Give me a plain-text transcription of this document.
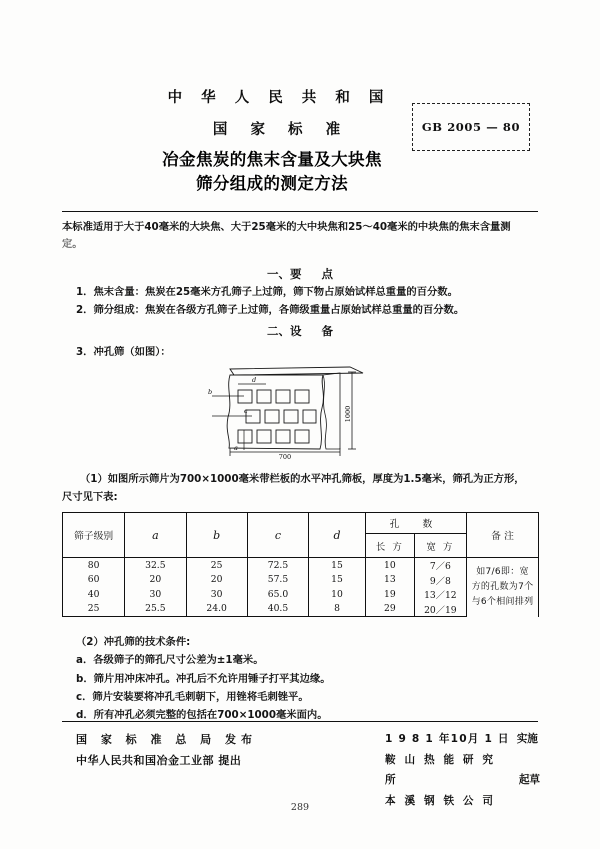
中 华 人 民 共 和 国
国 家 标 准
冶金焦炭的焦末含量及大块焦
筛分组成的测定方法
GB 2005 — 80
本标准适用于大于40毫米的大块焦、大于25毫米的大中块焦和25～40毫米的中块焦的焦末含量测
定。
一、要 点
1．焦末含量：焦炭在25毫米方孔筛子上过筛，筛下物占原始试样总重量的百分数。
2．筛分组成：焦炭在各级方孔筛子上过筛，各筛级重量占原始试样总重量的百分数。
二、设 备
3．冲孔筛（如图）：
700
1000
b
c
d
a
（1）如图所示筛片为700×1000毫米带栏板的水平冲孔筛板，厚度为1.5毫米，筛孔为正方形，
尺寸见下表:
筛子级别	a	b	c	d	孔 数		备 注
					长 方	宽 方	
80	32.5	25	72.5	15	10	7／6	如7/6即：宽
方的孔数为7个
与6个相间排列

60	20	20	57.5	15	13	9／8	
40	30	30	65.0	10	19	13／12	
25	25.5	24.0	40.5	8	29	20／19	
（2）冲孔筛的技术条件:
a．各级筛子的筛孔尺寸公差为±1毫米。
b．筛片用冲床冲孔。冲孔后不允许用锤子打平其边缘。
c．筛片安装要将冲孔毛刺朝下，用锉将毛刺锉平。
d．所有冲孔必须完整的包括在700×1000毫米面内。
国 家 标 准 总 局 发布
中华人民共和国冶金工业部 提出
1 9 8 1 年10月 1 日 实施
鞍 山 热 能 研 究 所
本 溪 钢 铁 公 司
起草
289
